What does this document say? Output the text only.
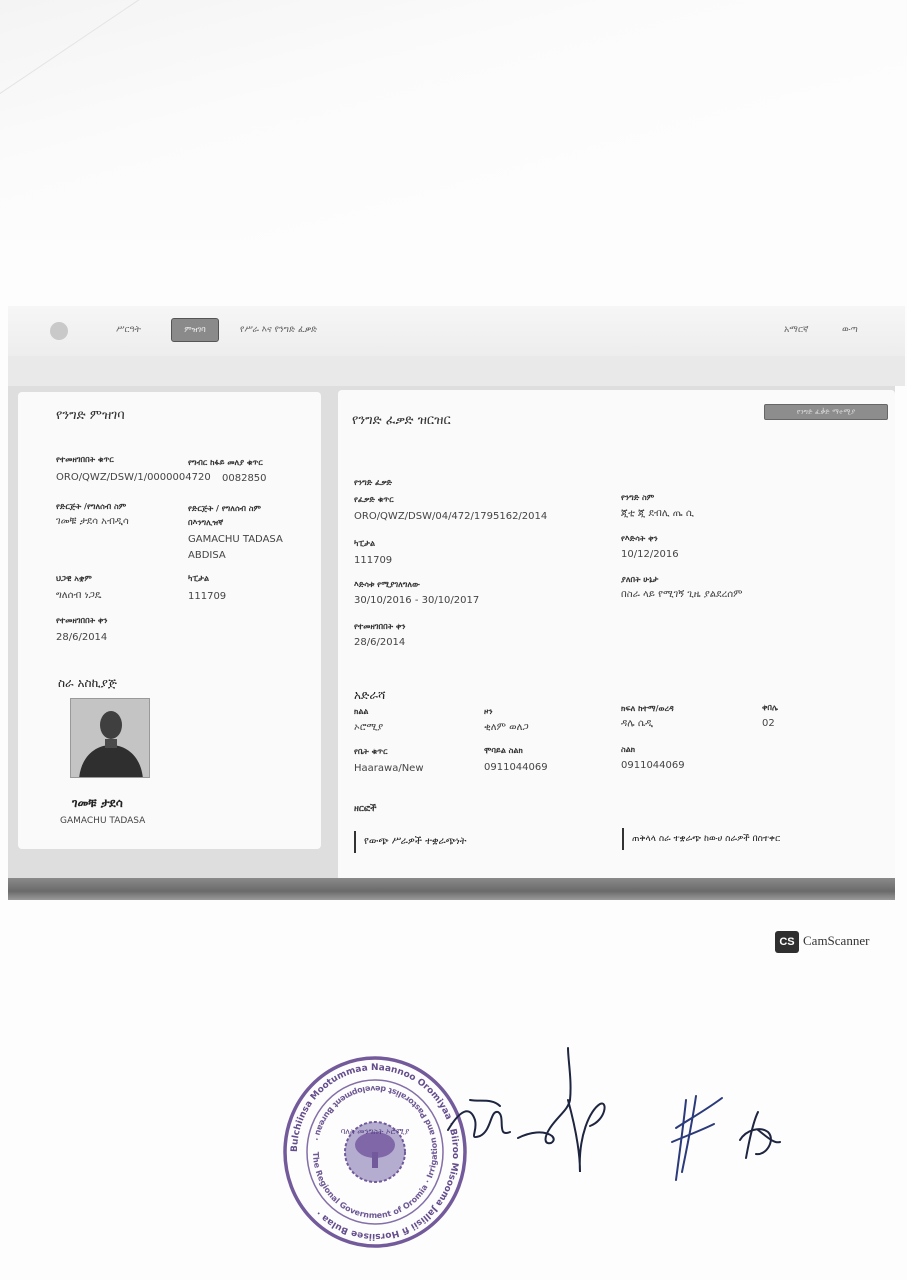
ሥርዓት	ምዝገባ	የሥራ እና የንግድ ፈቃድ	አማርኛ	ውጣ
የንግድ ምዝገባ
የተመዘገበበት ቁጥር
ORO/QWZ/DSW/1/0000004720
የግብር ከፋይ መለያ ቁጥር
0082850
የድርጅት /የግለሰብ ስም
ገመቹ ታደሳ አብዲሳ
የድርጅት / የግለሰብ ስም በእንግሊዝኛ
GAMACHU TADASA ABDISA
ህጋዊ አቋም
ግለሰብ ነጋዴ
ካፒታል
111709
የተመዘገበበት ቀን
28/6/2014
ስራ አስኪያጅ
ገመቹ ታደሳ
GAMACHU TADASA
የንግድ ፈቃድ ዝርዝር
የንግድ ፈቃድ ማተሚያ
የንግድ ፈቃድ
የፈቃድ ቁጥር
ORO/QWZ/DSW/04/472/1795162/2014
የንግድ ስም
ጂቲ ጂ ደብሊ ጤ ሲ
ካፒታል
111709
የእድሳት ቀን
10/12/2016
እድሳቱ የሚያገለግለው
30/10/2016 - 30/10/2017
ያለበት ሁኔታ
በስራ ላይ የሚገኝ ጊዜ ያልደረሰም
የተመዘገበበት ቀን
28/6/2014
አድራሻ
ክልል
ኦሮሚያ
ዞን
ቂለም ወለጋ
ክፍለ ከተማ/ወረዳ
ዳሌ ሴዲ
ቀበሌ
02
የቤት ቁጥር
Haarawa/New
ሞባይል ስልክ
0911044069
ስልክ
0911044069
ዘርፎች
የውጭ ሥራዎች ተቋራጭነት	ጠቅላላ ስራ ተቋራጭ ከውሀ ስራዎች በስተቀር
CS CamScanner
Bulchiinsa Mootummaa Naannoo Oromiyaa · Biiroo Misooma Jallisii fi Horsiisee Bulaa ·
The Regional Government of Oromia · Irrigation and Pastoralist development Bureau ·
ባለስ መንግስት ኦሮሚያ
